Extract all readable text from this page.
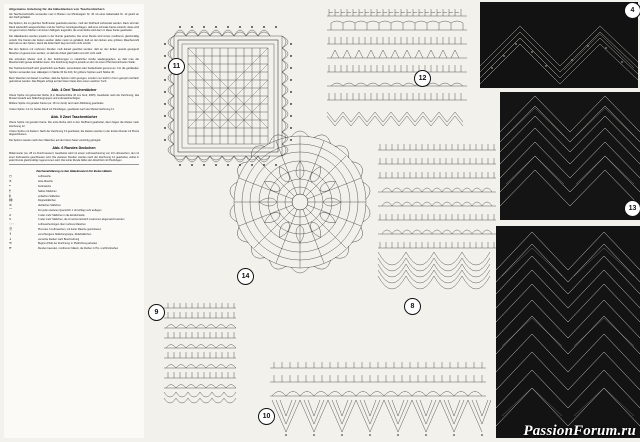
Allgemeine Anleitung für die Häkeldecken von Taschentüchern
Als Taschentuchstoffe verwendet man in Breiten von Mindestgarn Nr. 46 mit einer Häkelnadel Nr. 12 gleich an den Stoff gehäkelt.
Die Spitzen, die im gleichen Stoffmuster gearbeitet werden, muß der Stoffrand vorbereitet werden. Dazu wird der Rand säuberlich ausgeschnitten und der Stoff so zurückgeschlagen, daß eine schmale Kante entsteht; diese wird mit ganz kurzen Stichen mit feinem Nähgarn angenäht, die erste Reihe wird dann in diese Kante gearbeitet.
Die Häkelkanten werden jeweils in der Runde gearbeitet. Die erste Runde wird immer rundherum gleichmäßig verteilt. Die Kanten der Ecken werden dabei meist so gehäkelt, daß an den Ecken eine größere Maschenzahl steht als an den Seiten, damit die Ecke flach liegt und sich nicht einrollt.
Bei den Spitzen mit mehreren Runden muß darauf geachtet werden, daß an den Ecken jeweils genügend Maschen zugenommen werden, so daß die Arbeit glatt bleibt und sich nicht wellt.
Die einzelnen Muster sind in den Zeichnungen in natürlicher Größe wiedergegeben, so daß man die Maschenzahl genau abzählen kann. Die Zeichnung beginnt jeweils an der mit einem Pfeil bezeichneten Stelle.
Der Taschentuchstoff wird gewöhnlich aus Batist, Leinenbatist oder Seidenbatist genommen. Für die gehäkelten Spitzen verwendet man Häkelgarn in Stärke 60 bis 100, für gröbere Spitzen auch Stärke 40.
Beim Waschen ist darauf zu achten, daß die Spitzen nicht gezogen, sondern nur leicht in Form gezupft und flach getrocknet werden. Das Bügeln erfolgt auf der linken Seite über einem weichen Tuch.
Abb. 4 Drei Taschentücher
Obere Spitze mit getrennter Reihe (4 in Maschenhöhe 30 mm breit, 2005): Gearbeitet nach der Zeichnung; das Muster besteht aus Stäbchengruppen und Luftmaschenbögen.
Mittlere Spitze mit gerader Kante (ca. 18 mm breit) wird nach Abbildung gearbeitet.
Untere Spitze: 14 cm breiter Rand mit Picotbögen, gearbeitet nach der Musterzeichnung 11.
Abb. 5 Zwei Taschentücher
Obere Spitze mit gerader Kante: Die erste Reihe wird in den Stoffrand gearbeitet, dann folgen die Muster nach Zeichnung 12.
Untere Spitze mit Zacken: Nach der Zeichnung 13 gearbeitet; die Zacken werden in der letzten Runde mit Picots abgeschlossen.
Die Spitzen werden nach dem Waschen auf der linken Seite vorsichtig gebügelt.
Abb. 6 Rundes Deckchen
Mittelmuster (ca. 28 cm Durchmesser): Gearbeitet wird mit einem Luftmaschenring von 10 Luftmaschen, der mit einer Kettmasche geschlossen wird. Die weiteren Runden werden nach der Zeichnung 14 gearbeitet, wobei in jeder Runde gleichmäßig zugenommen wird. Die letzte Runde bildet den Abschluß mit Picotbögen.
Zeichenerklärung zu den Häkelmustern für kleine Häkeln
○	Luftmasche
×	feste Masche
•	Kettmasche
┼	halbes Stäbchen
╪	einfaches Stäbchen
╪╪	Doppelstäbchen
≡	dreifaches Stäbchen
⌒	Für jeden weiteren Querstrich 1 Umschlag mehr auflegen
∧	3 oder mehr Stäbchen in die Einstichstelle
∨	3 oder mehr Stäbchen, die im letzten Einstich zusammen abgemascht werden
◦◦◦	Luftmaschenbogen über mehrere Maschen
Ⓟ	Picot aus 3 Luftmaschen, mit fester Masche geschlossen
↑	verschlungene Stäbchengruppe, Reliefstäbchen
↓	versetzte Zacken nach Beschreibung
⟲	Beginn (Pfeil) der Zeichnung; in Pfeilrichtung arbeiten
⟳	Runden beenden, rundherum häkeln, die Reihen in Hin- und Rückreihen
11
12
4
13
14
8
9
10
PassionForum.ru
